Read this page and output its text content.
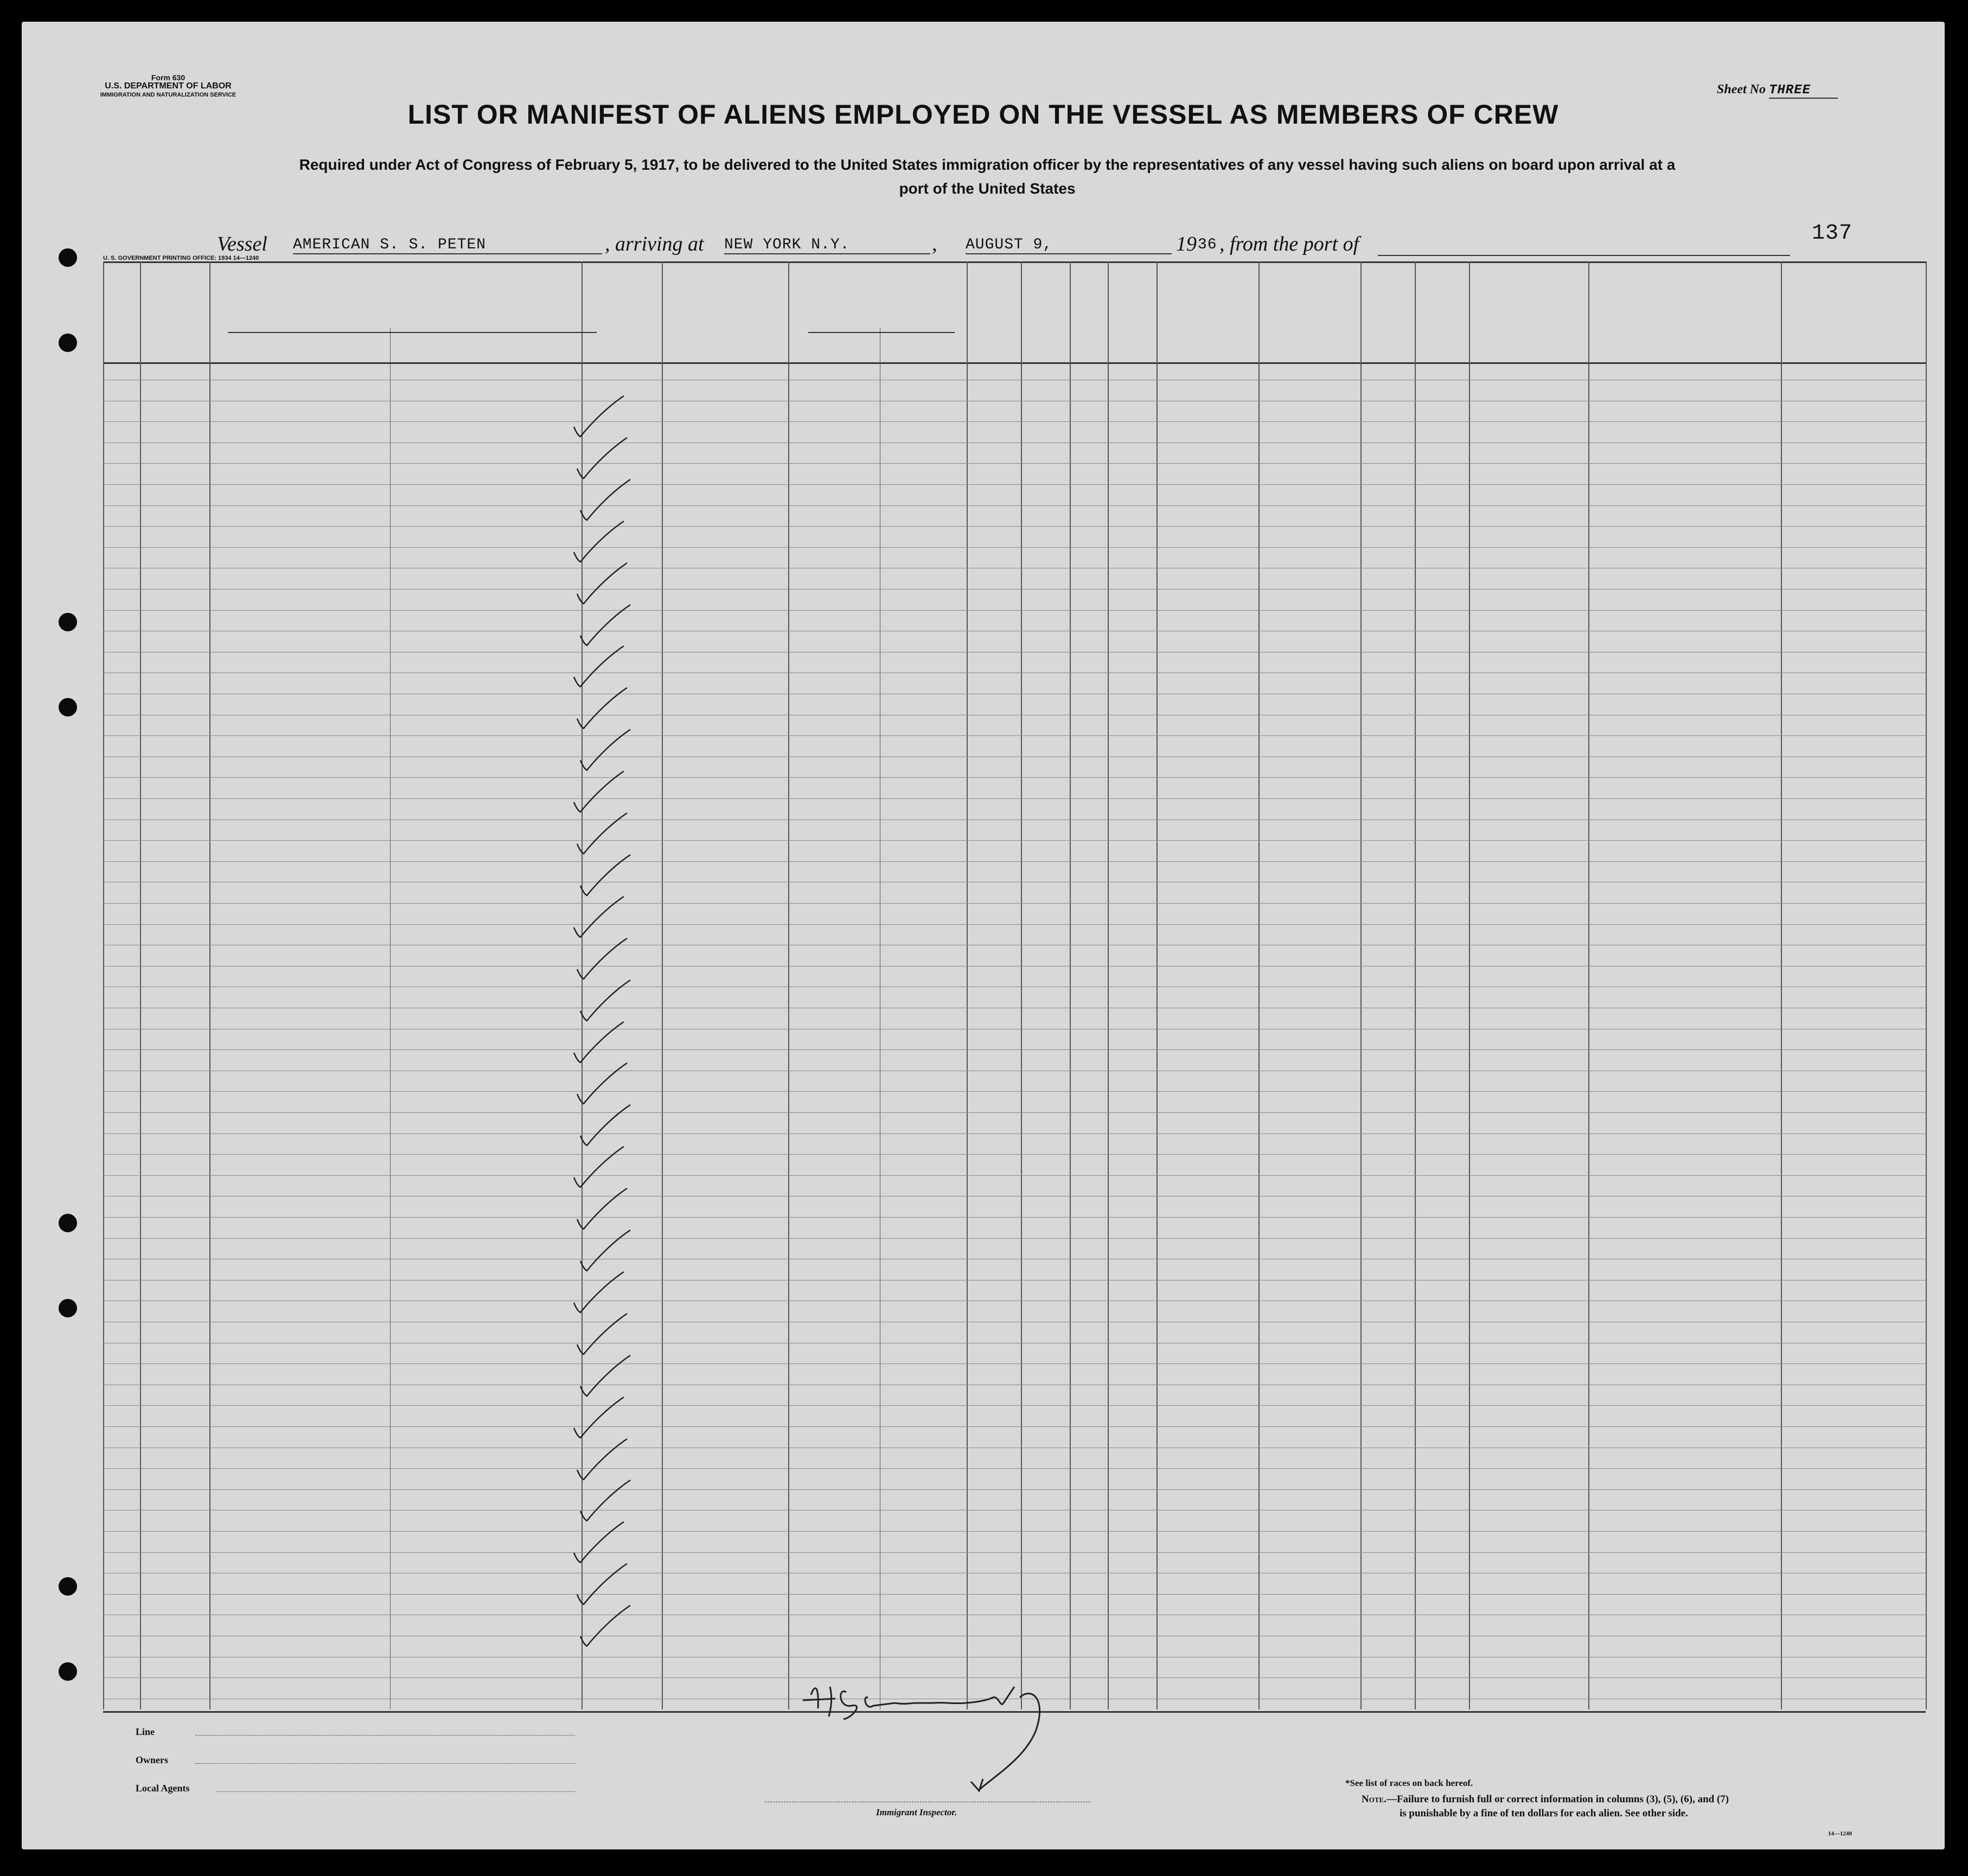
Form 630
U.S. DEPARTMENT OF LABOR
IMMIGRATION AND NATURALIZATION SERVICE	Sheet No THREE
LIST OR MANIFEST OF ALIENS EMPLOYED ON THE VESSEL AS MEMBERS OF CREW
Required under Act of Congress of February 5, 1917, to be delivered to the United States immigration officer by the representatives of any vessel having such aliens on board upon arrival at a
port of the United States
Vessel AMERICAN S. S. PETEN	, arriving at NEW YORK N.Y.	, AUGUST 9,	19 36 , from the port of	137
U. S. GOVERNMENT PRINTING OFFICE: 1934 14—1240
Line
Owners
Local Agents
Immigrant Inspector.
*See list of races on back hereof.
Note.—Failure to furnish full or correct information in columns (3), (5), (6), and (7)
is punishable by a fine of ten dollars for each alien. See other side.
14—1240
